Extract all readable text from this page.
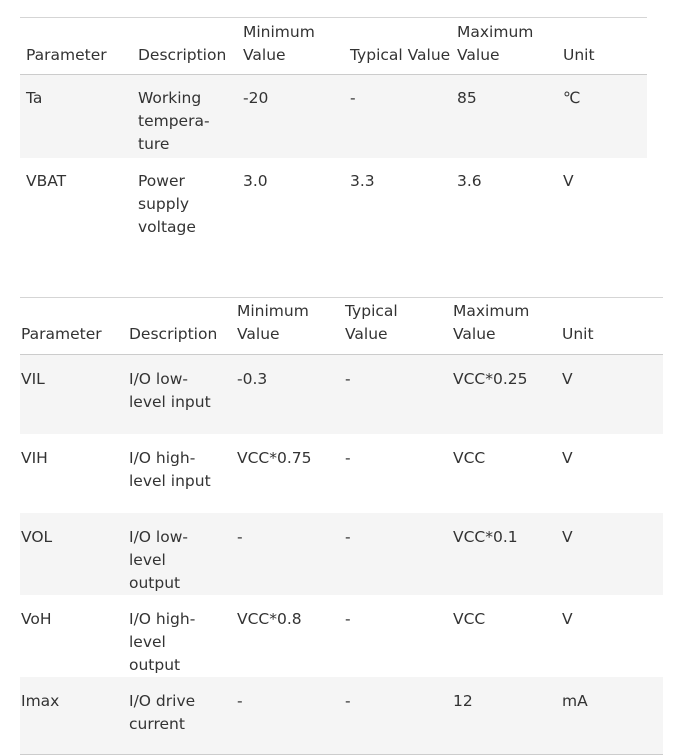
Parameter	Description	Minimum Value	Typical Value	Maximum Value	Unit
Ta	Working tempera-ture	-20	-	85	℃
VBAT	Power supply voltage	3.0	3.3	3.6	V
Parameter	Description	Minimum Value	Typical Value	Maximum Value	Unit
VIL	I/O low-level input	-0.3	-	VCC*0.25	V
VIH	I/O high-level input	VCC*0.75	-	VCC	V
VOL	I/O low-level output	-	-	VCC*0.1	V
VoH	I/O high-level output	VCC*0.8	-	VCC	V
Imax	I/O drive current	-	-	12	mA
